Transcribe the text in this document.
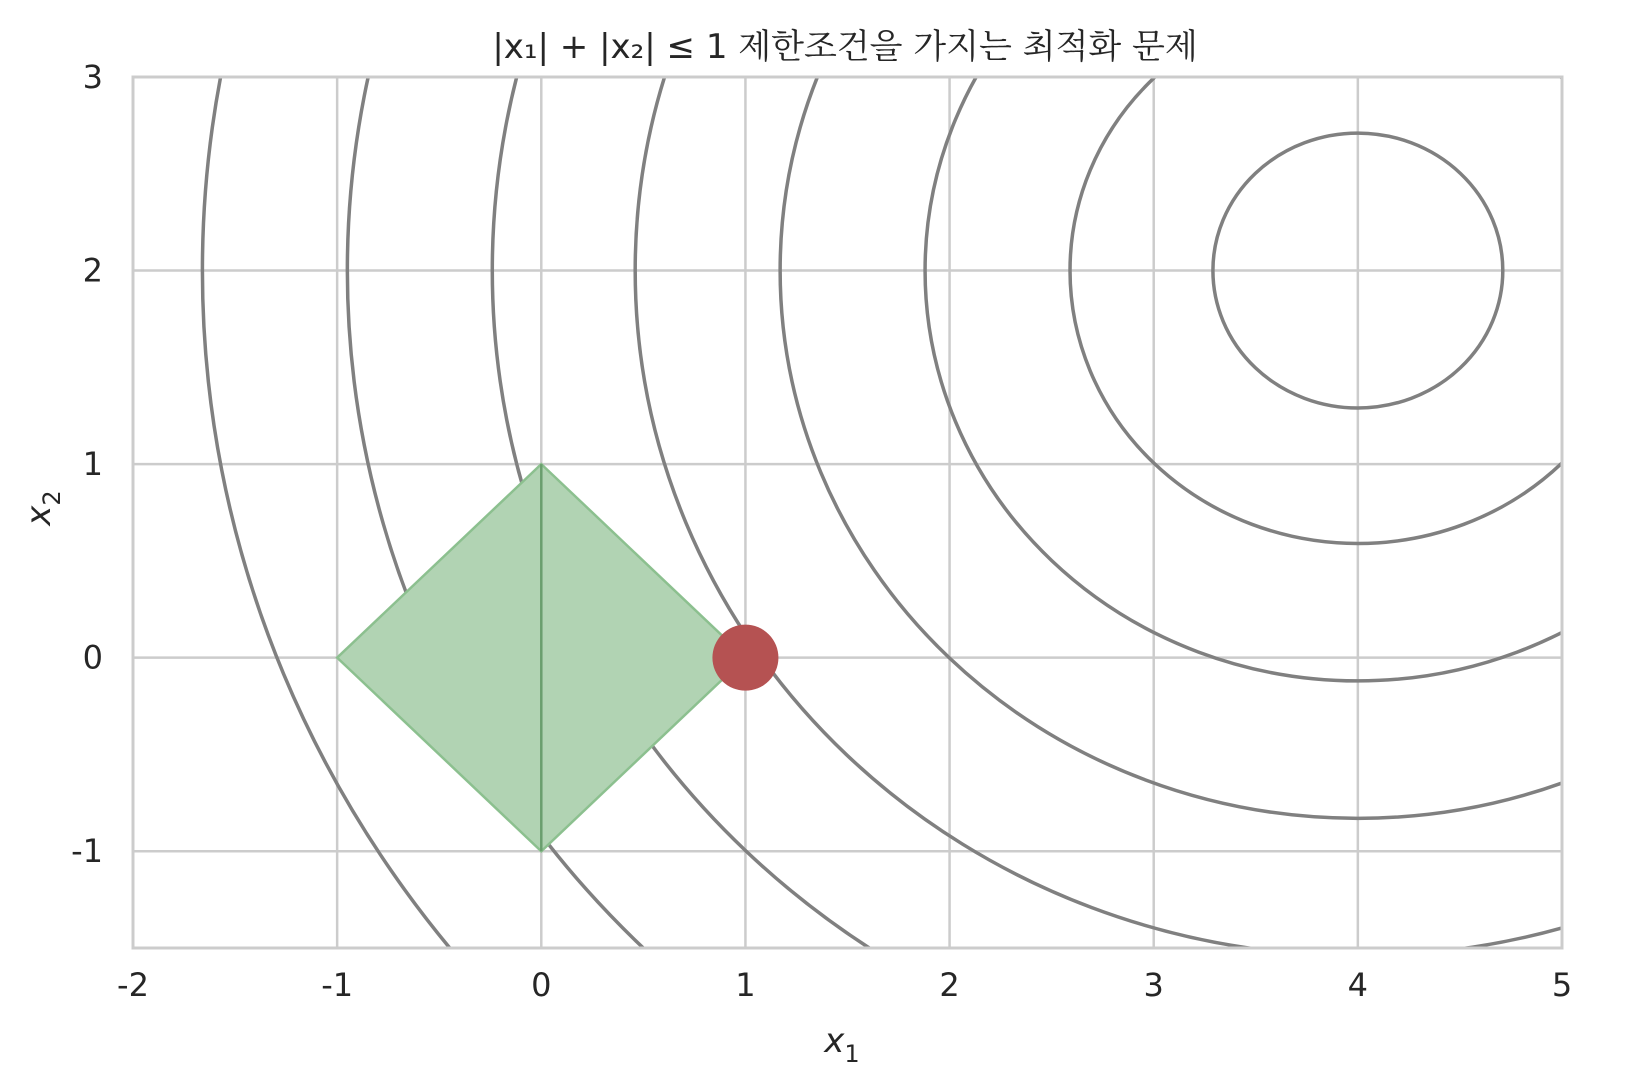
|x₁| + |x₂| ≤ 1 제한조건을 가지는 최적화 문제
-2	-1	0	1	2	3	4	5
-1
0
1
2
3
$x_1$
$x_2$
